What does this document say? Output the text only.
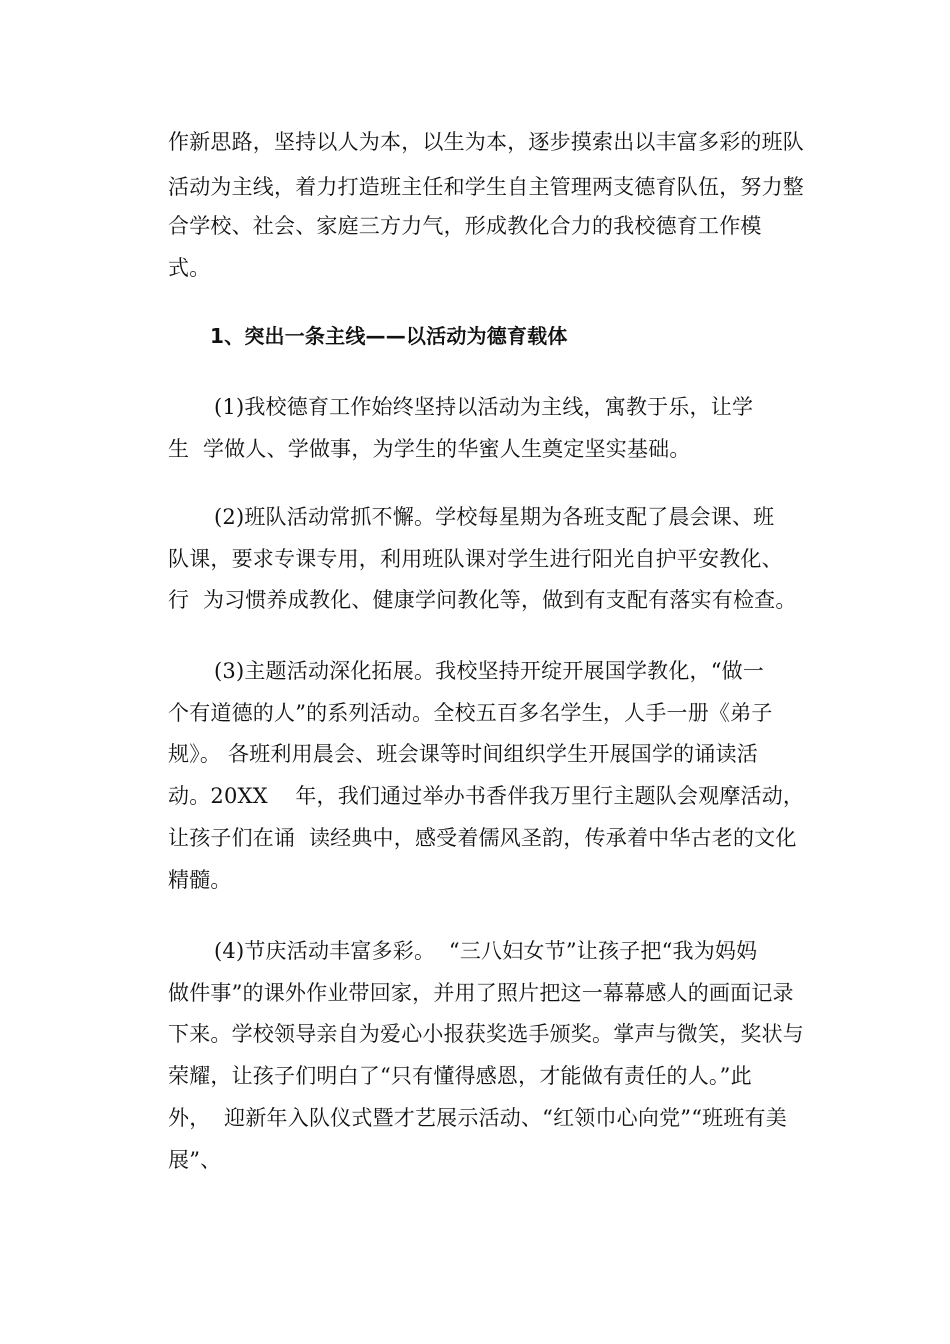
作新思路，坚持以人为本，以生为本，逐步摸索出以丰富多彩的班队
活动为主线，着力打造班主任和学生自主管理两支德育队伍，努力整
合学校、社会、家庭三方力气，形成教化合力的我校德育工作模
式。
1、突出一条主线——以活动为德育载体
(1)我校德育工作始终坚持以活动为主线，寓教于乐，让学
生  学做人、学做事，为学生的华蜜人生奠定坚实基础。
(2)班队活动常抓不懈。学校每星期为各班支配了晨会课、班
队课，要求专课专用，利用班队课对学生进行阳光自护平安教化、
行  为习惯养成教化、健康学问教化等，做到有支配有落实有检查。
(3)主题活动深化拓展。我校坚持开绽开展国学教化，“做一
个有道德的人”的系列活动。全校五百多名学生，人手一册《弟子
规》。 各班利用晨会、班会课等时间组织学生开展国学的诵读活
动。20XX    年，我们通过举办书香伴我万里行主题队会观摩活动，
让孩子们在诵  读经典中，感受着儒风圣韵，传承着中华古老的文化
精髓。
(4)节庆活动丰富多彩。  “三八妇女节”让孩子把“我为妈妈
做件事”的课外作业带回家，并用了照片把这一幕幕感人的画面记录
下来。学校领导亲自为爱心小报获奖选手颁奖。掌声与微笑，奖状与
荣耀，让孩子们明白了“只有懂得感恩，才能做有责任的人。”此
外，  迎新年入队仪式暨才艺展示活动、“红领巾心向党”“班班有美
展”、
